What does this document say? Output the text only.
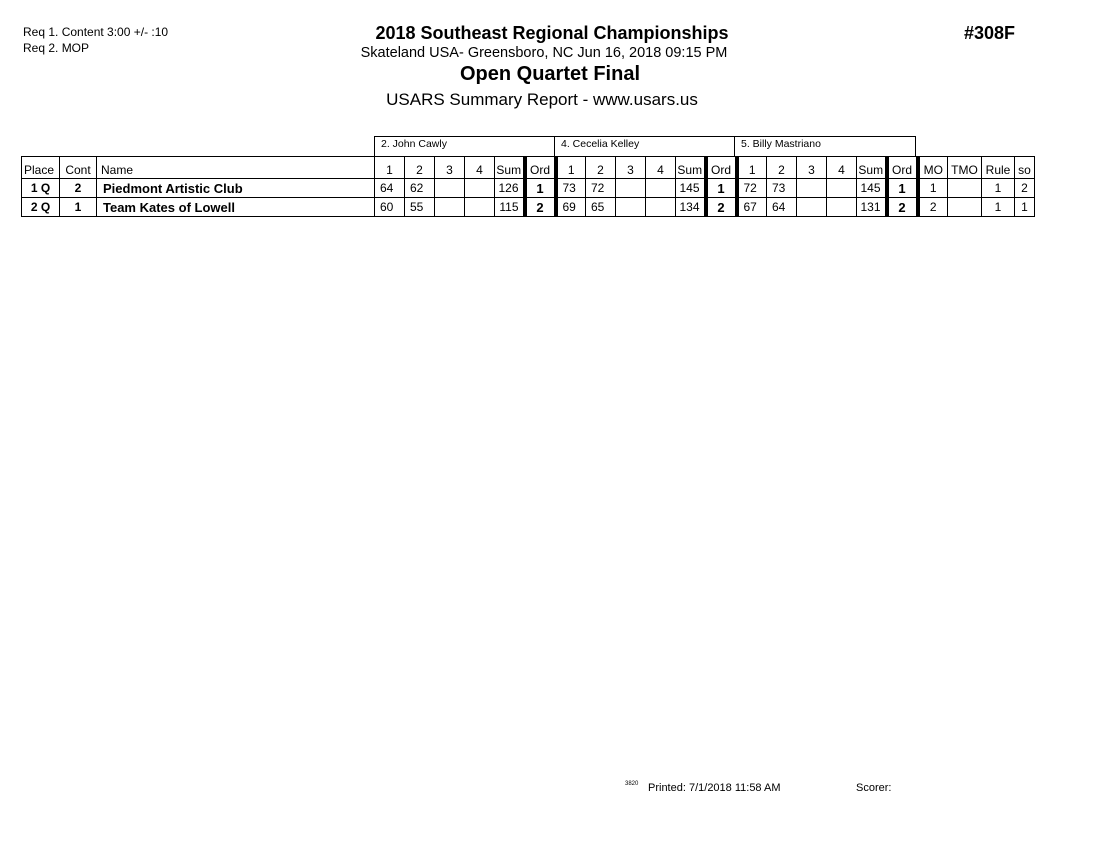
Req 1. Content 3:00 +/- :10
Req 2. MOP
2018 Southeast Regional Championships
Skateland USA- Greensboro, NC Jun 16, 2018 09:15 PM
Open Quartet Final
USARS Summary Report - www.usars.us
#308F
2. John Cawly	4. Cecelia Kelley	5. Billy Mastriano
Place	Cont	Name	1	2	3	4	Sum	Ord	1	2	3	4	Sum	Ord	1	2	3	4	Sum	Ord	MO	TMO	Rule	so
1 Q	2	Piedmont Artistic Club	64	62			126	1	73	72			145	1	72	73			145	1	1		1	2
2 Q	1	Team Kates of Lowell	60	55			115	2	69	65			134	2	67	64			131	2	2		1	1
3820 Printed: 7/1/2018 11:58 AM	Scorer:
